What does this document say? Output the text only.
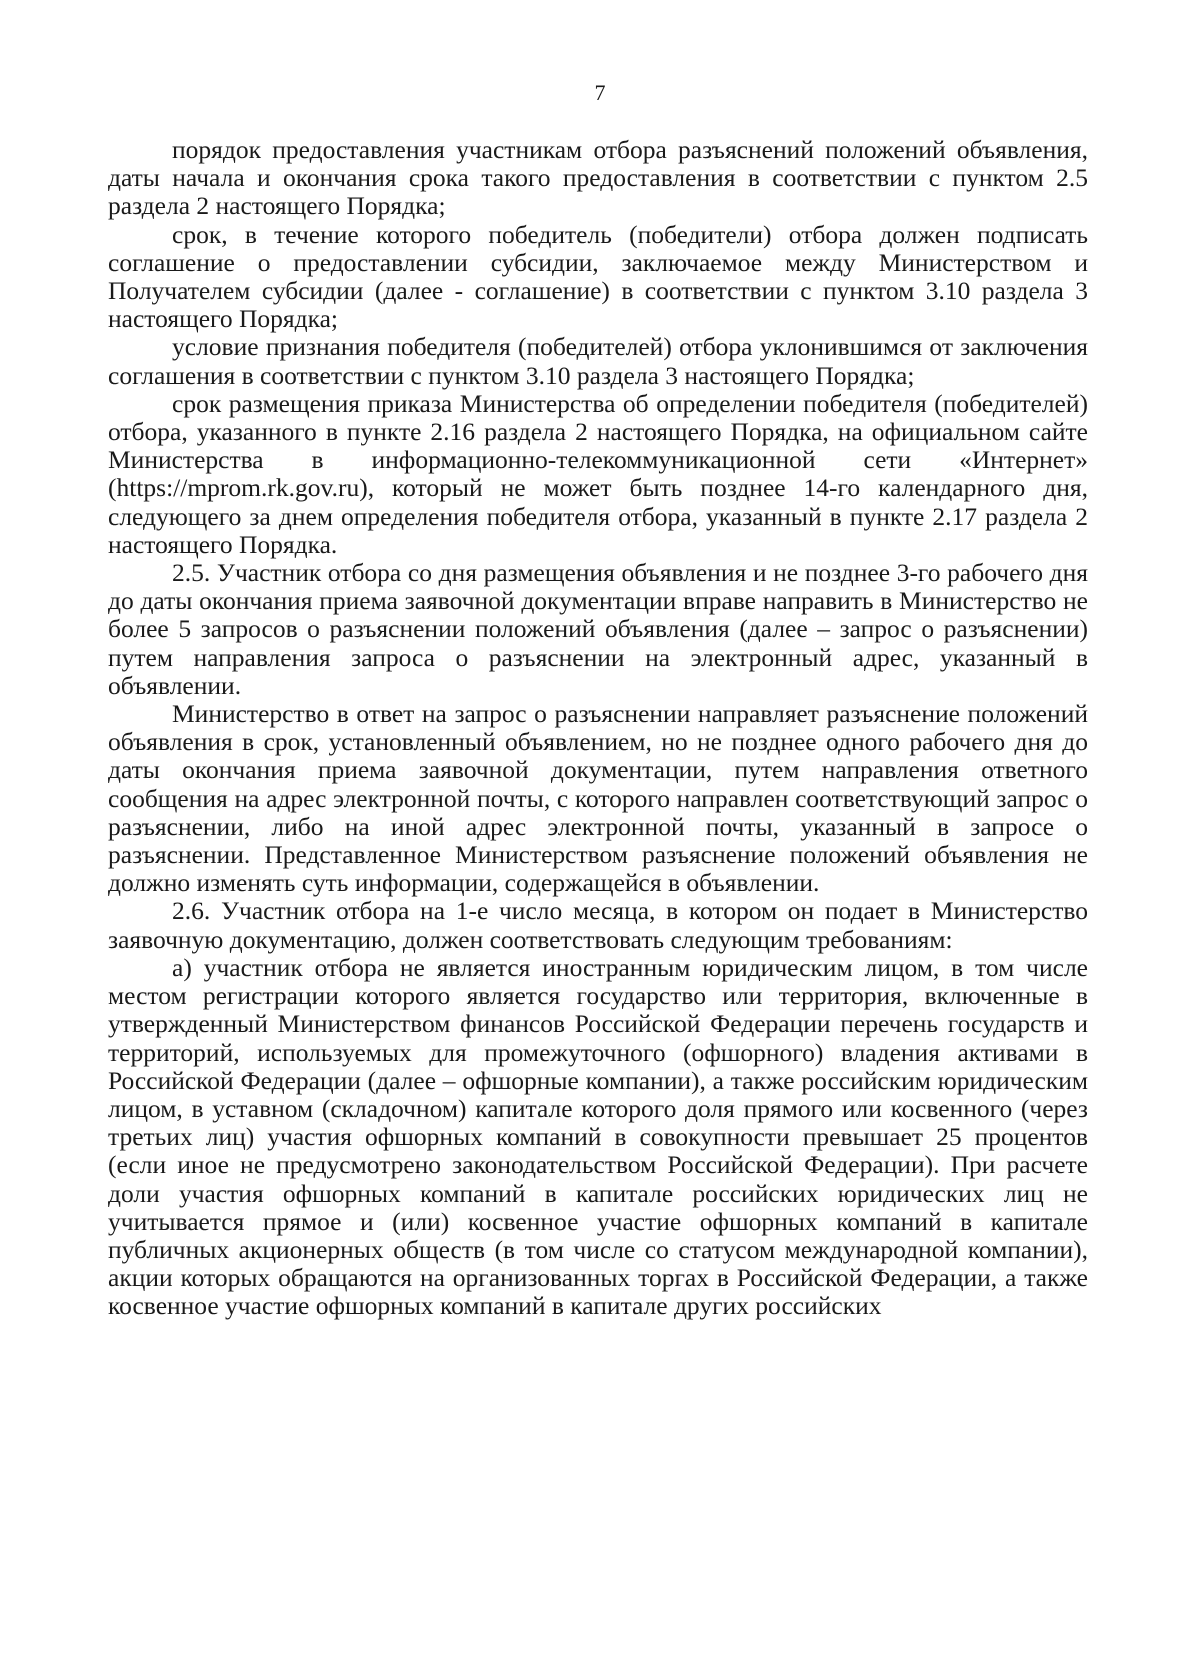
7

порядок предоставления участникам отбора разъяснений положений объявления, даты начала и окончания срока такого предоставления в соответствии с пунктом 2.5 раздела 2 настоящего Порядка;

срок, в течение которого победитель (победители) отбора должен подписать соглашение о предоставлении субсидии, заключаемое между Министерством и Получателем субсидии (далее - соглашение) в соответствии с пунктом 3.10 раздела 3 настоящего Порядка;

условие признания победителя (победителей) отбора уклонившимся от заключения соглашения в соответствии с пунктом 3.10 раздела 3 настоящего Порядка;

срок размещения приказа Министерства об определении победителя (победителей) отбора, указанного в пункте 2.16 раздела 2 настоящего Порядка, на официальном сайте Министерства в информационно-телекоммуникационной сети «Интернет» (https://mprom.rk.gov.ru), который не может быть позднее 14-го календарного дня, следующего за днем определения победителя отбора, указанный в пункте 2.17 раздела 2 настоящего Порядка.

2.5. Участник отбора со дня размещения объявления и не позднее 3-го рабочего дня до даты окончания приема заявочной документации вправе направить в Министерство не более 5 запросов о разъяснении положений объявления (далее – запрос о разъяснении) путем направления запроса о разъяснении на электронный адрес, указанный в объявлении.

Министерство в ответ на запрос о разъяснении направляет разъяснение положений объявления в срок, установленный объявлением, но не позднее одного рабочего дня до даты окончания приема заявочной документации, путем направления ответного сообщения на адрес электронной почты, с которого направлен соответствующий запрос о разъяснении, либо на иной адрес электронной почты, указанный в запросе о разъяснении. Представленное Министерством разъяснение положений объявления не должно изменять суть информации, содержащейся в объявлении.

2.6. Участник отбора на 1-е число месяца, в котором он подает в Министерство заявочную документацию, должен соответствовать следующим требованиям:

а) участник отбора не является иностранным юридическим лицом, в том числе местом регистрации которого является государство или территория, включенные в утвержденный Министерством финансов Российской Федерации перечень государств и территорий, используемых для промежуточного (офшорного) владения активами в Российской Федерации (далее – офшорные компании), а также российским юридическим лицом, в уставном (складочном) капитале которого доля прямого или косвенного (через третьих лиц) участия офшорных компаний в совокупности превышает 25 процентов (если иное не предусмотрено законодательством Российской Федерации). При расчете доли участия офшорных компаний в капитале российских юридических лиц не учитывается прямое и (или) косвенное участие офшорных компаний в капитале публичных акционерных обществ (в том числе со статусом международной компании), акции которых обращаются на организованных торгах в Российской Федерации, а также косвенное участие офшорных компаний в капитале других российских
